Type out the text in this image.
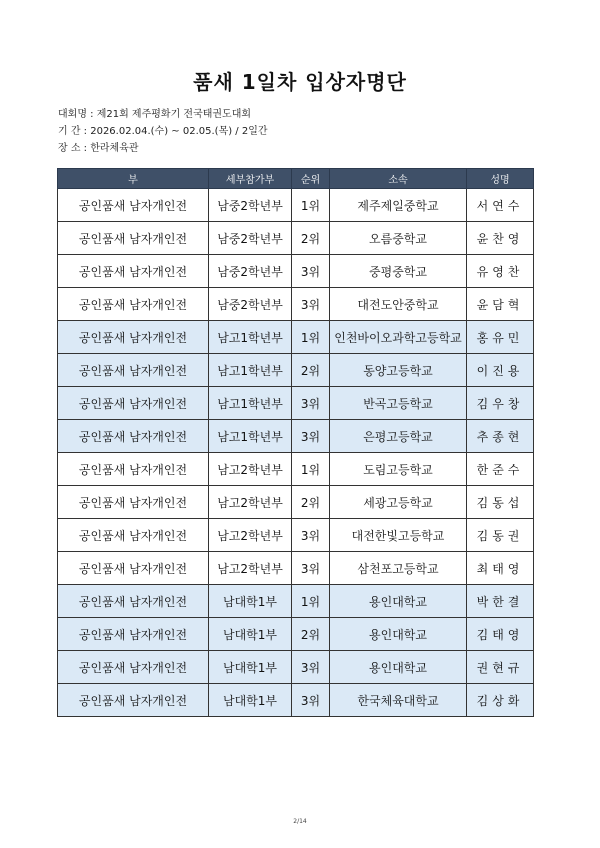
품새 1일차 입상자명단
대회명 : 제21회 제주평화기 전국태권도대회
기 간 : 2026.02.04.(수) ~ 02.05.(목) / 2일간
장 소 : 한라체육관
부	세부참가부	순위	소속	성명
공인품새 남자개인전	남중2학년부	1위	제주제일중학교	서연수
공인품새 남자개인전	남중2학년부	2위	오름중학교	윤찬영
공인품새 남자개인전	남중2학년부	3위	중평중학교	유영찬
공인품새 남자개인전	남중2학년부	3위	대전도안중학교	윤담혁
공인품새 남자개인전	남고1학년부	1위	인천바이오과학고등학교	홍유민
공인품새 남자개인전	남고1학년부	2위	동양고등학교	이진용
공인품새 남자개인전	남고1학년부	3위	반곡고등학교	김우창
공인품새 남자개인전	남고1학년부	3위	은평고등학교	추종현
공인품새 남자개인전	남고2학년부	1위	도림고등학교	한준수
공인품새 남자개인전	남고2학년부	2위	세광고등학교	김동섭
공인품새 남자개인전	남고2학년부	3위	대전한빛고등학교	김동권
공인품새 남자개인전	남고2학년부	3위	삼천포고등학교	최태영
공인품새 남자개인전	남대학1부	1위	용인대학교	박한결
공인품새 남자개인전	남대학1부	2위	용인대학교	김태영
공인품새 남자개인전	남대학1부	3위	용인대학교	권현규
공인품새 남자개인전	남대학1부	3위	한국체육대학교	김상화
2/14
